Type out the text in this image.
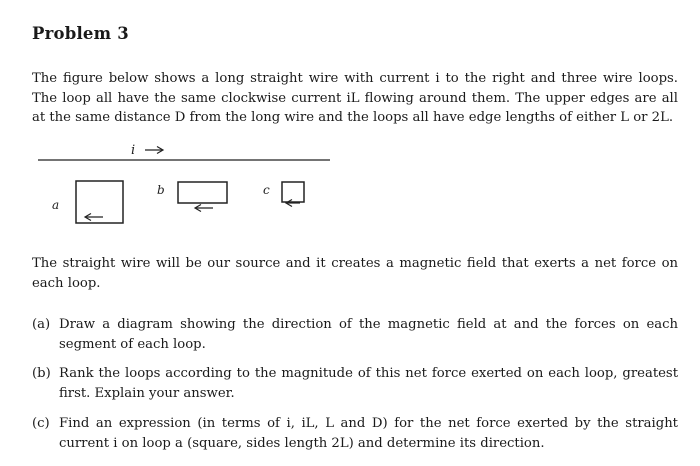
Problem 3
The figure below shows a long straight wire with current i to the right and three wire loops. The loop all have the same clockwise current iL flowing around them. The upper edges are all at the same distance D from the long wire and the loops all have edge lengths of either L or 2L.
i
a
b	c
The straight wire will be our source and it creates a magnetic field that exerts a net force on each loop.
(a) Draw a diagram showing the direction of the magnetic field at and the forces on each segment of each loop.
(b) Rank the loops according to the magnitude of this net force exerted on each loop, greatest first. Explain your answer.
(c) Find an expression (in terms of i, iL, L and D) for the net force exerted by the straight current i on loop a (square, sides length 2L) and determine its direction.
